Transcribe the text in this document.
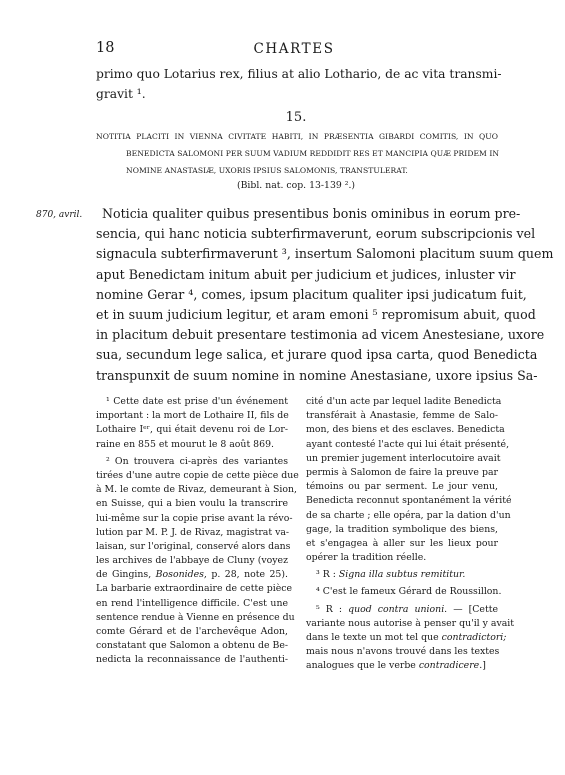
18	CHARTES
primo quo Lotarius rex, filius at alio Lothario, de ac vita transmi-
gravit ¹.
15.
NOTITIA PLACITI IN VIENNA CIVITATE HABITI, IN PRÆSENTIA GIBARDI COMITIS, IN QUO
BENEDICTA SALOMONI PER SUUM VADIUM REDDIDIT RES ET MANCIPIA QUÆ PRIDEM IN
NOMINE ANASTASIÆ, UXORIS IPSIUS SALOMONIS, TRANSTULERAT.
(Bibl. nat. cop. 13-139 ².)
870, avril.	Noticia qualiter quibus presentibus bonis ominibus in eorum pre-
sencia, qui hanc noticia subterfirmaverunt, eorum subscripcionis vel
signacula subterfirmaverunt ³, insertum Salomoni placitum suum quem
aput Benedictam initum abuit per judicium et judices, inluster vir
nomine Gerar ⁴, comes, ipsum placitum qualiter ipsi judicatum fuit,
et in suum judicium legitur, et aram emoni ⁵ repromisum abuit, quod
in placitum debuit presentare testimonia ad vicem Anestesiane, uxore
sua, secundum lege salica, et jurare quod ipsa carta, quod Benedicta
transpunxit de suum nomine in nomine Anestasiane, uxore ipsius Sa-
¹ Cette date est prise d'un événement
important : la mort de Lothaire II, fils de
Lothaire Iᵉʳ, qui était devenu roi de Lor-
raine en 855 et mourut le 8 août 869.
² On trouvera ci-après des variantes
tirées d'une autre copie de cette pièce due
à M. le comte de Rivaz, demeurant à Sion,
en Suisse, qui a bien voulu la transcrire
lui-même sur la copie prise avant la révo-
lution par M. P. J. de Rivaz, magistrat va-
laisan, sur l'original, conservé alors dans
les archives de l'abbaye de Cluny (voyez
de Gingins, Bosonides, p. 28, note 25).
La barbarie extraordinaire de cette pièce
en rend l'intelligence difficile. C'est une
sentence rendue à Vienne en présence du
comte Gérard et de l'archevêque Adon,
constatant que Salomon a obtenu de Be-
nedicta la reconnaissance de l'authenti-
cité d'un acte par lequel ladite Benedicta
transférait à Anastasie, femme de Salo-
mon, des biens et des esclaves. Benedicta
ayant contesté l'acte qui lui était présenté,
un premier jugement interlocutoire avait
permis à Salomon de faire la preuve par
témoins ou par serment. Le jour venu,
Benedicta reconnut spontanément la vérité
de sa charte ; elle opéra, par la dation d'un
gage, la tradition symbolique des biens,
et s'engagea à aller sur les lieux pour
opérer la tradition réelle.
³ R : Signa illa subtus remititur.
⁴ C'est le fameux Gérard de Roussillon.
⁵ R : quod contra unioni. — [Cette
variante nous autorise à penser qu'il y avait
dans le texte un mot tel que contradictori;
mais nous n'avons trouvé dans les textes
analogues que le verbe contradicere.]
